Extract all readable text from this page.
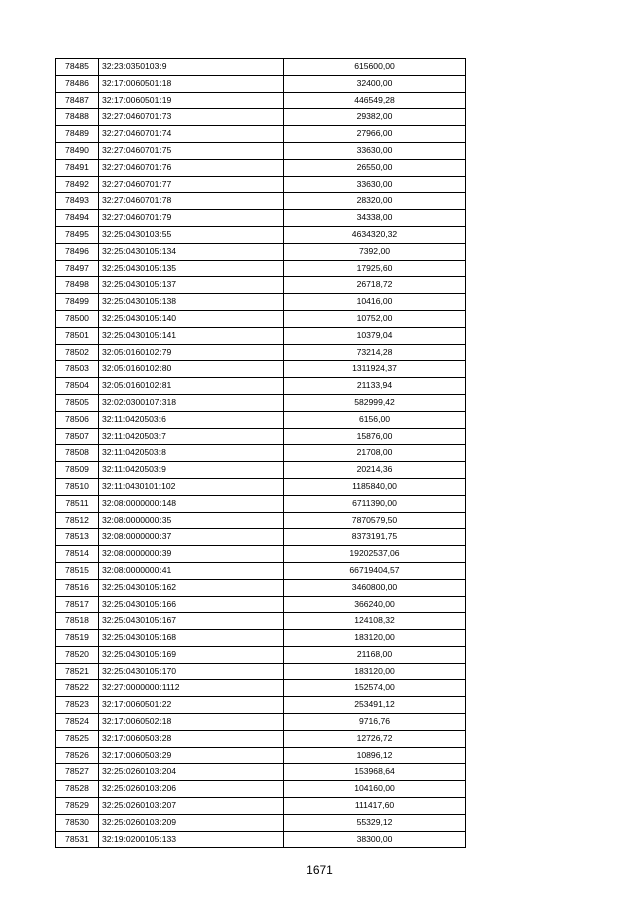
78485	32:23:0350103:9	615600,00
78486	32:17:0060501:18	32400,00
78487	32:17:0060501:19	446549,28
78488	32:27:0460701:73	29382,00
78489	32:27:0460701:74	27966,00
78490	32:27:0460701:75	33630,00
78491	32:27:0460701:76	26550,00
78492	32:27:0460701:77	33630,00
78493	32:27:0460701:78	28320,00
78494	32:27:0460701:79	34338,00
78495	32:25:0430103:55	4634320,32
78496	32:25:0430105:134	7392,00
78497	32:25:0430105:135	17925,60
78498	32:25:0430105:137	26718,72
78499	32:25:0430105:138	10416,00
78500	32:25:0430105:140	10752,00
78501	32:25:0430105:141	10379,04
78502	32:05:0160102:79	73214,28
78503	32:05:0160102:80	1311924,37
78504	32:05:0160102:81	21133,94
78505	32:02:0300107:318	582999,42
78506	32:11:0420503:6	6156,00
78507	32:11:0420503:7	15876,00
78508	32:11:0420503:8	21708,00
78509	32:11:0420503:9	20214,36
78510	32:11:0430101:102	1185840,00
78511	32:08:0000000:148	6711390,00
78512	32:08:0000000:35	7870579,50
78513	32:08:0000000:37	8373191,75
78514	32:08:0000000:39	19202537,06
78515	32:08:0000000:41	66719404,57
78516	32:25:0430105:162	3460800,00
78517	32:25:0430105:166	366240,00
78518	32:25:0430105:167	124108,32
78519	32:25:0430105:168	183120,00
78520	32:25:0430105:169	21168,00
78521	32:25:0430105:170	183120,00
78522	32:27:0000000:1112	152574,00
78523	32:17:0060501:22	253491,12
78524	32:17:0060502:18	9716,76
78525	32:17:0060503:28	12726,72
78526	32:17:0060503:29	10896,12
78527	32:25:0260103:204	153968,64
78528	32:25:0260103:206	104160,00
78529	32:25:0260103:207	111417,60
78530	32:25:0260103:209	55329,12
78531	32:19:0200105:133	38300,00
1671
